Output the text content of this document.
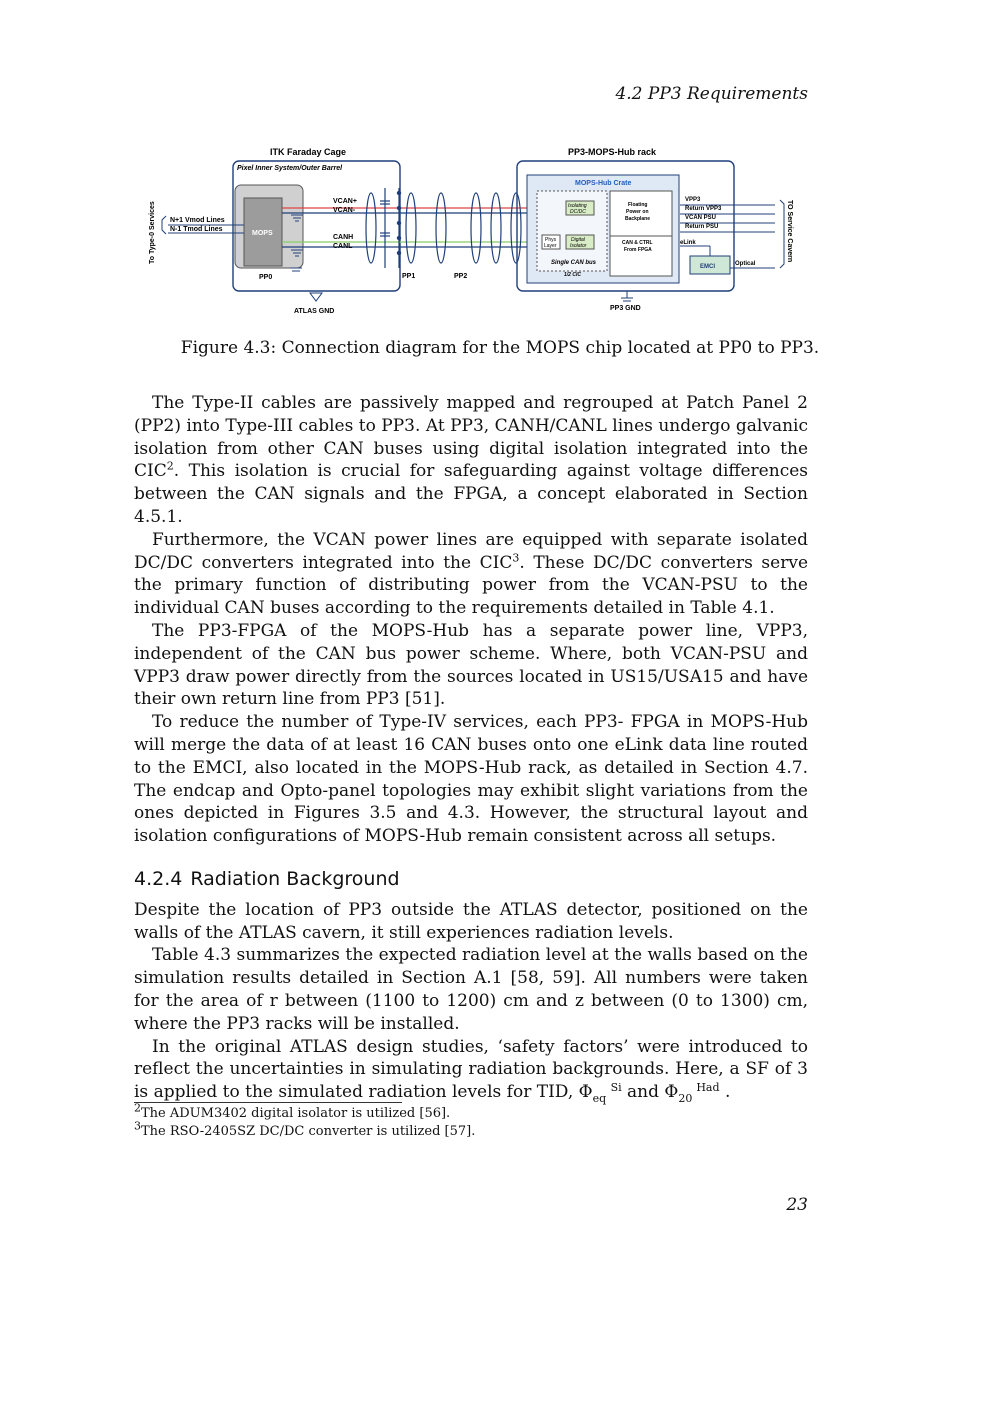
4.2 PP3 Requirements
ITK Faraday Cage
Pixel Inner System/Outer Barrel
MOPS
PP0
To Type-0 Services N+1 Vmod Lines
N-1 Tmod Lines
VCAN+
VCAN-
CANH
CANL
PP1	PP2
ATLAS GND
PP3-MOPS-Hub rack
MOPS-Hub Crate
Isolating
DC/DC
Phys
Layer
Digital
Isolator
Single CAN bus
1/2 CIC
Floating
Power on
Backplane
CAN & CTRL
From FPGA
VPP3
Return VPP3
VCAN PSU
Return PSU
eLink
EMCI	Optical
TO Service Cavern
PP3 GND
Figure 4.3: Connection diagram for the MOPS chip located at PP0 to PP3.

The Type-II cables are passively mapped and regrouped at Patch Panel 2 (PP2) into Type-III cables to PP3. At PP3, CANH/CANL lines undergo galvanic isolation from other CAN buses using digital isolation integrated into the CIC$^2$. This isolation is crucial for safeguarding against voltage differences between the CAN signals and the FPGA, a concept elaborated in Section 4.5.1.

Furthermore, the VCAN power lines are equipped with separate isolated DC/DC converters integrated into the CIC$^3$. These DC/DC converters serve the primary function of distributing power from the VCAN-PSU to the individual CAN buses according to the requirements detailed in Table 4.1.

The PP3-FPGA of the MOPS-Hub has a separate power line, VPP3, independent of the CAN bus power scheme. Where, both VCAN-PSU and VPP3 draw power directly from the sources located in US15/USA15 and have their own return line from PP3 [51].

To reduce the number of Type-IV services, each PP3- FPGA in MOPS-Hub will merge the data of at least 16 CAN buses onto one eLink data line routed to the EMCI, also located in the MOPS-Hub rack, as detailed in Section 4.7. The endcap and Opto-panel topologies may exhibit slight variations from the ones depicted in Figures 3.5 and 4.3. However, the structural layout and isolation configurations of MOPS-Hub remain consistent across all setups.

4.2.4 Radiation Background

Despite the location of PP3 outside the ATLAS detector, positioned on the walls of the ATLAS cavern, it still experiences radiation levels.

Table 4.3 summarizes the expected radiation level at the walls based on the simulation results detailed in Section A.1 [58, 59]. All numbers were taken for the area of r between (1100 to 1200) cm and z between (0 to 1300) cm, where the PP3 racks will be installed.

In the original ATLAS design studies, ‘safety factors’ were introduced to reflect the uncertainties in simulating radiation backgrounds. Here, a SF of 3 is applied to the simulated radiation levels for TID, Φ Si
eq and Φ Had
20 .

$^2$The ADUM3402 digital isolator is utilized [56].
$^3$The RSO-2405SZ DC/DC converter is utilized [57].
23
